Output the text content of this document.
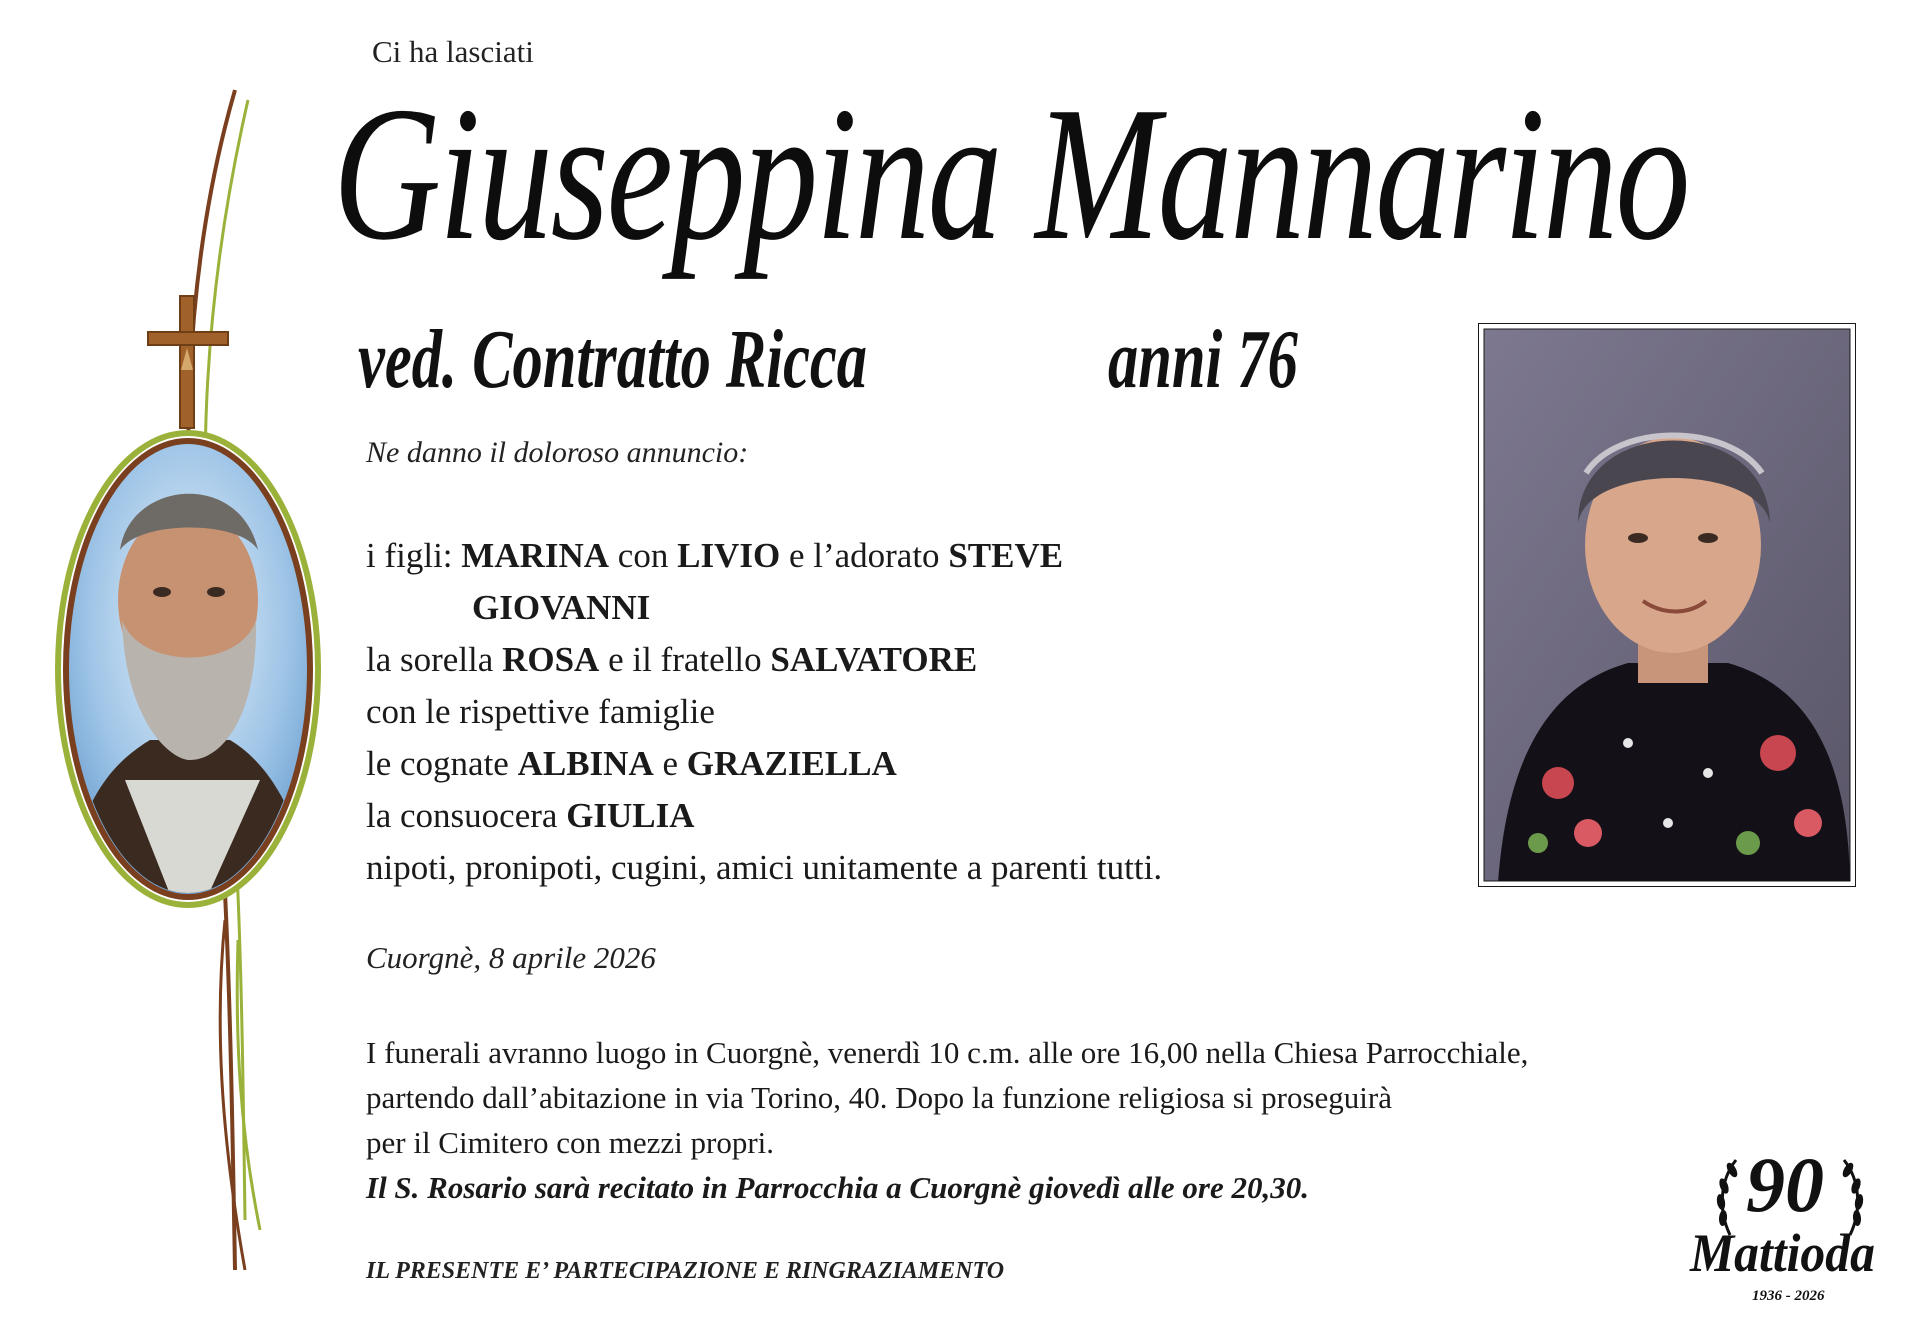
Ci ha lasciati
Giuseppina Mannarino
ved. Contratto Ricca	anni 76
Ne danno il doloroso annuncio:
i figli: MARINA con LIVIO e l’adorato STEVE
GIOVANNI
la sorella ROSA e il fratello SALVATORE
con le rispettive famiglie
le cognate ALBINA e GRAZIELLA
la consuocera GIULIA
nipoti, pronipoti, cugini, amici unitamente a parenti tutti.
Cuorgnè, 8 aprile 2026
I funerali avranno luogo in Cuorgnè, venerdì 10 c.m. alle ore 16,00 nella Chiesa Parrocchiale,
partendo dall’abitazione in via Torino, 40. Dopo la funzione religiosa si proseguirà
per il Cimitero con mezzi propri.
Il S. Rosario sarà recitato in Parrocchia a Cuorgnè giovedì alle ore 20,30.
IL PRESENTE E’ PARTECIPAZIONE E RINGRAZIAMENTO
90
Mattioda
1936 - 2026
